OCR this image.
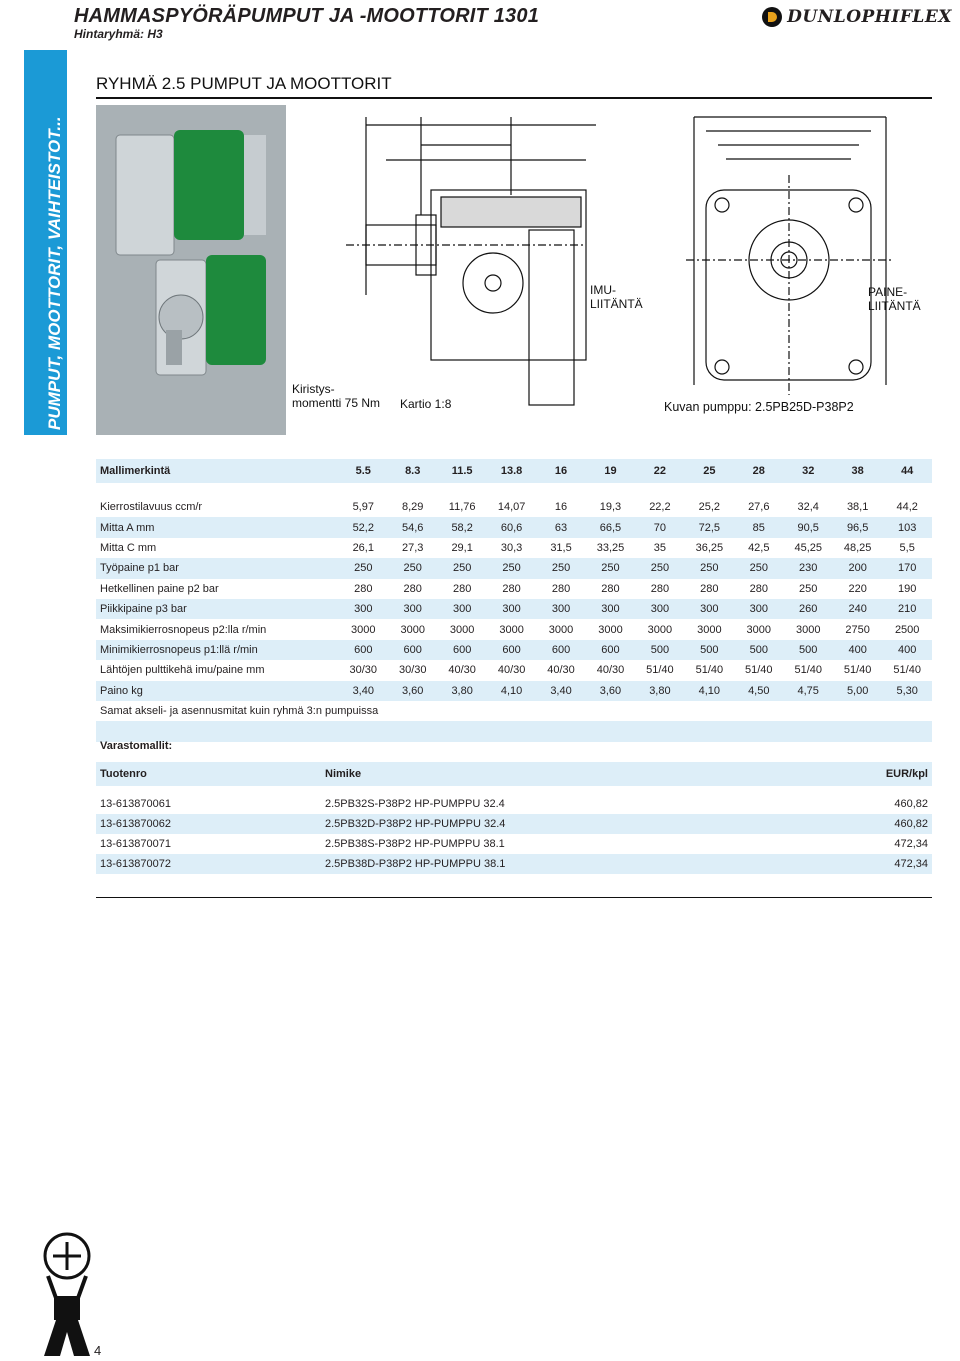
HAMMASPYÖRÄPUMPUT JA -MOOTTORIT 1301
Hintaryhmä: H3
DUNLOPHIFLEX
PUMPUT, MOOTTORIT, VAIHTEISTOT...
RYHMÄ 2.5 PUMPUT JA MOOTTORIT
Kiristys-
momentti 75 Nm Kartio 1:8
IMU-
LIITÄNTÄ
PAINE-
LIITÄNTÄ
Kuvan pumppu: 2.5PB25D-P38P2
Mallimerkintä	5.5	8.3	11.5	13.8	16	19	22	25	28	32	38	44

Kierrostilavuus ccm/r	5,97	8,29	11,76	14,07	16	19,3	22,2	25,2	27,6	32,4	38,1	44,2
Mitta A mm	52,2	54,6	58,2	60,6	63	66,5	70	72,5	85	90,5	96,5	103
Mitta C mm	26,1	27,3	29,1	30,3	31,5	33,25	35	36,25	42,5	45,25	48,25	5,5
Työpaine p1 bar	250	250	250	250	250	250	250	250	250	230	200	170
Hetkellinen paine p2 bar	280	280	280	280	280	280	280	280	280	250	220	190
Piikkipaine p3 bar	300	300	300	300	300	300	300	300	300	260	240	210
Maksimikierrosnopeus p2:lla r/min	3000	3000	3000	3000	3000	3000	3000	3000	3000	3000	2750	2500
Minimikierrosnopeus p1:llä r/min	600	600	600	600	600	600	500	500	500	500	400	400
Lähtöjen pulttikehä imu/paine mm	30/30	30/30	40/30	40/30	40/30	40/30	51/40	51/40	51/40	51/40	51/40	51/40
Paino kg	3,40	3,60	3,80	4,10	3,40	3,60	3,80	4,10	4,50	4,75	5,00	5,30
Samat akseli- ja asennusmitat kuin ryhmä 3:n pumpuissa												

Varastomallit:
Tuotenro	Nimike	EUR/kpl

13-613870061	2.5PB32S-P38P2 HP-PUMPPU 32.4	460,82
13-613870062	2.5PB32D-P38P2 HP-PUMPPU 32.4	460,82
13-613870071	2.5PB38S-P38P2 HP-PUMPPU 38.1	472,34
13-613870072	2.5PB38D-P38P2 HP-PUMPPU 38.1	472,34
4
